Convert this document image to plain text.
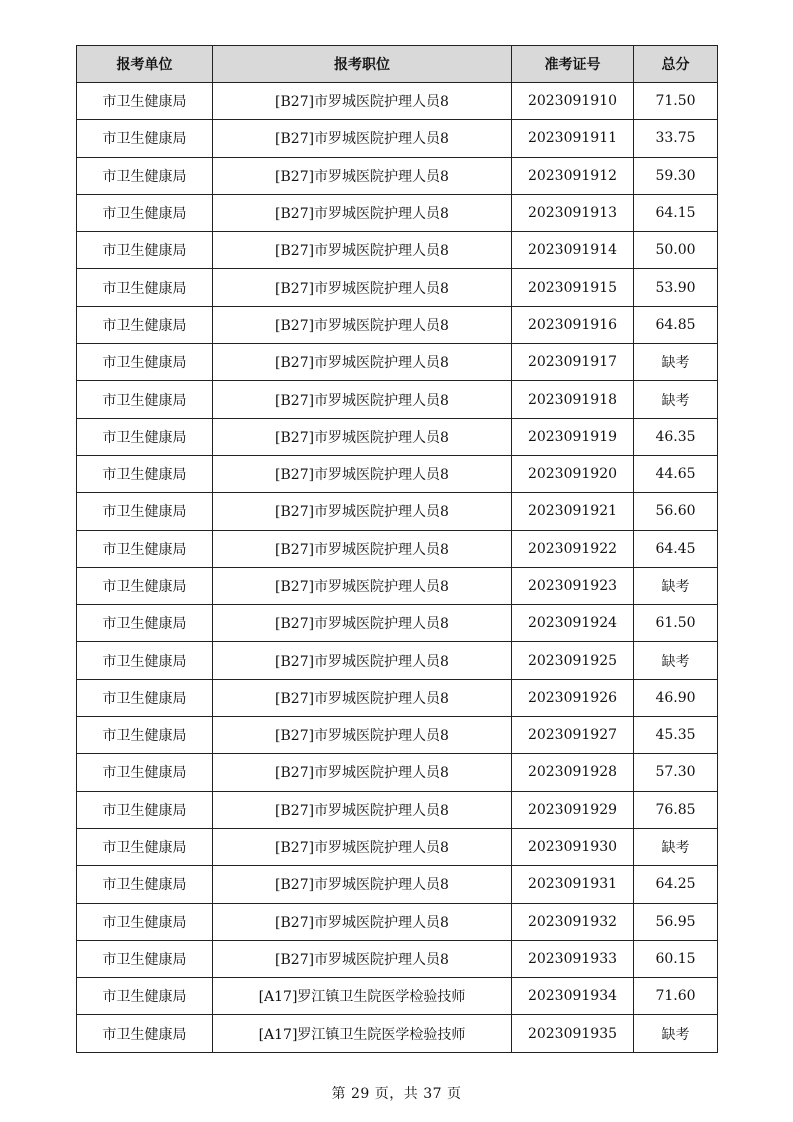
报考单位	报考职位	准考证号	总分
市卫生健康局	[B27]市罗城医院护理人员8	2023091910	71.50
市卫生健康局	[B27]市罗城医院护理人员8	2023091911	33.75
市卫生健康局	[B27]市罗城医院护理人员8	2023091912	59.30
市卫生健康局	[B27]市罗城医院护理人员8	2023091913	64.15
市卫生健康局	[B27]市罗城医院护理人员8	2023091914	50.00
市卫生健康局	[B27]市罗城医院护理人员8	2023091915	53.90
市卫生健康局	[B27]市罗城医院护理人员8	2023091916	64.85
市卫生健康局	[B27]市罗城医院护理人员8	2023091917	缺考
市卫生健康局	[B27]市罗城医院护理人员8	2023091918	缺考
市卫生健康局	[B27]市罗城医院护理人员8	2023091919	46.35
市卫生健康局	[B27]市罗城医院护理人员8	2023091920	44.65
市卫生健康局	[B27]市罗城医院护理人员8	2023091921	56.60
市卫生健康局	[B27]市罗城医院护理人员8	2023091922	64.45
市卫生健康局	[B27]市罗城医院护理人员8	2023091923	缺考
市卫生健康局	[B27]市罗城医院护理人员8	2023091924	61.50
市卫生健康局	[B27]市罗城医院护理人员8	2023091925	缺考
市卫生健康局	[B27]市罗城医院护理人员8	2023091926	46.90
市卫生健康局	[B27]市罗城医院护理人员8	2023091927	45.35
市卫生健康局	[B27]市罗城医院护理人员8	2023091928	57.30
市卫生健康局	[B27]市罗城医院护理人员8	2023091929	76.85
市卫生健康局	[B27]市罗城医院护理人员8	2023091930	缺考
市卫生健康局	[B27]市罗城医院护理人员8	2023091931	64.25
市卫生健康局	[B27]市罗城医院护理人员8	2023091932	56.95
市卫生健康局	[B27]市罗城医院护理人员8	2023091933	60.15
市卫生健康局	[A17]罗江镇卫生院医学检验技师	2023091934	71.60
市卫生健康局	[A17]罗江镇卫生院医学检验技师	2023091935	缺考
第 29 页，共 37 页
